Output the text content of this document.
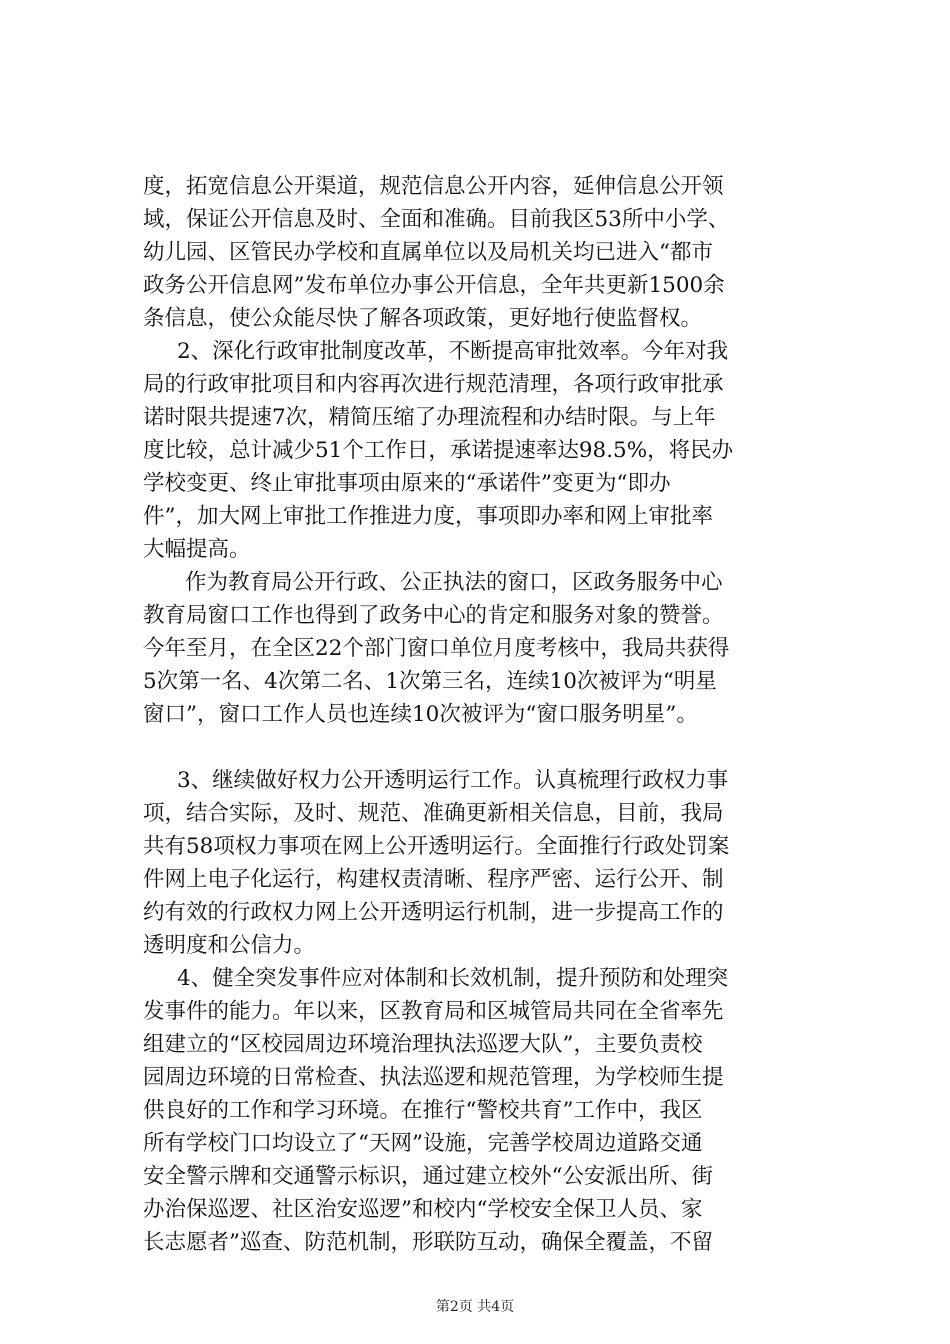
度，拓宽信息公开渠道，规范信息公开内容，延伸信息公开领
域，保证公开信息及时、全面和准确。目前我区53所中小学、
幼儿园、区管民办学校和直属单位以及局机关均已进入“都市
政务公开信息网”发布单位办事公开信息，全年共更新1500余
条信息，使公众能尽快了解各项政策，更好地行使监督权。
2、深化行政审批制度改革，不断提高审批效率。今年对我
局的行政审批项目和内容再次进行规范清理，各项行政审批承
诺时限共提速7次，精简压缩了办理流程和办结时限。与上年
度比较，总计减少51个工作日，承诺提速率达98.5%，将民办
学校变更、终止审批事项由原来的“承诺件”变更为“即办
件”，加大网上审批工作推进力度，事项即办率和网上审批率
大幅提高。
作为教育局公开行政、公正执法的窗口，区政务服务中心
教育局窗口工作也得到了政务中心的肯定和服务对象的赞誉。
今年至月，在全区22个部门窗口单位月度考核中，我局共获得
5次第一名、4次第二名、1次第三名，连续10次被评为“明星
窗口”，窗口工作人员也连续10次被评为“窗口服务明星”。
3、继续做好权力公开透明运行工作。认真梳理行政权力事
项，结合实际，及时、规范、准确更新相关信息，目前，我局
共有58项权力事项在网上公开透明运行。全面推行行政处罚案
件网上电子化运行，构建权责清晰、程序严密、运行公开、制
约有效的行政权力网上公开透明运行机制，进一步提高工作的
透明度和公信力。
4、健全突发事件应对体制和长效机制，提升预防和处理突
发事件的能力。年以来，区教育局和区城管局共同在全省率先
组建立的“区校园周边环境治理执法巡逻大队”，主要负责校
园周边环境的日常检查、执法巡逻和规范管理，为学校师生提
供良好的工作和学习环境。在推行“警校共育”工作中，我区
所有学校门口均设立了“天网”设施，完善学校周边道路交通
安全警示牌和交通警示标识，通过建立校外“公安派出所、街
办治保巡逻、社区治安巡逻”和校内“学校安全保卫人员、家
长志愿者”巡查、防范机制，形联防互动，确保全覆盖，不留
第2页 共4页
